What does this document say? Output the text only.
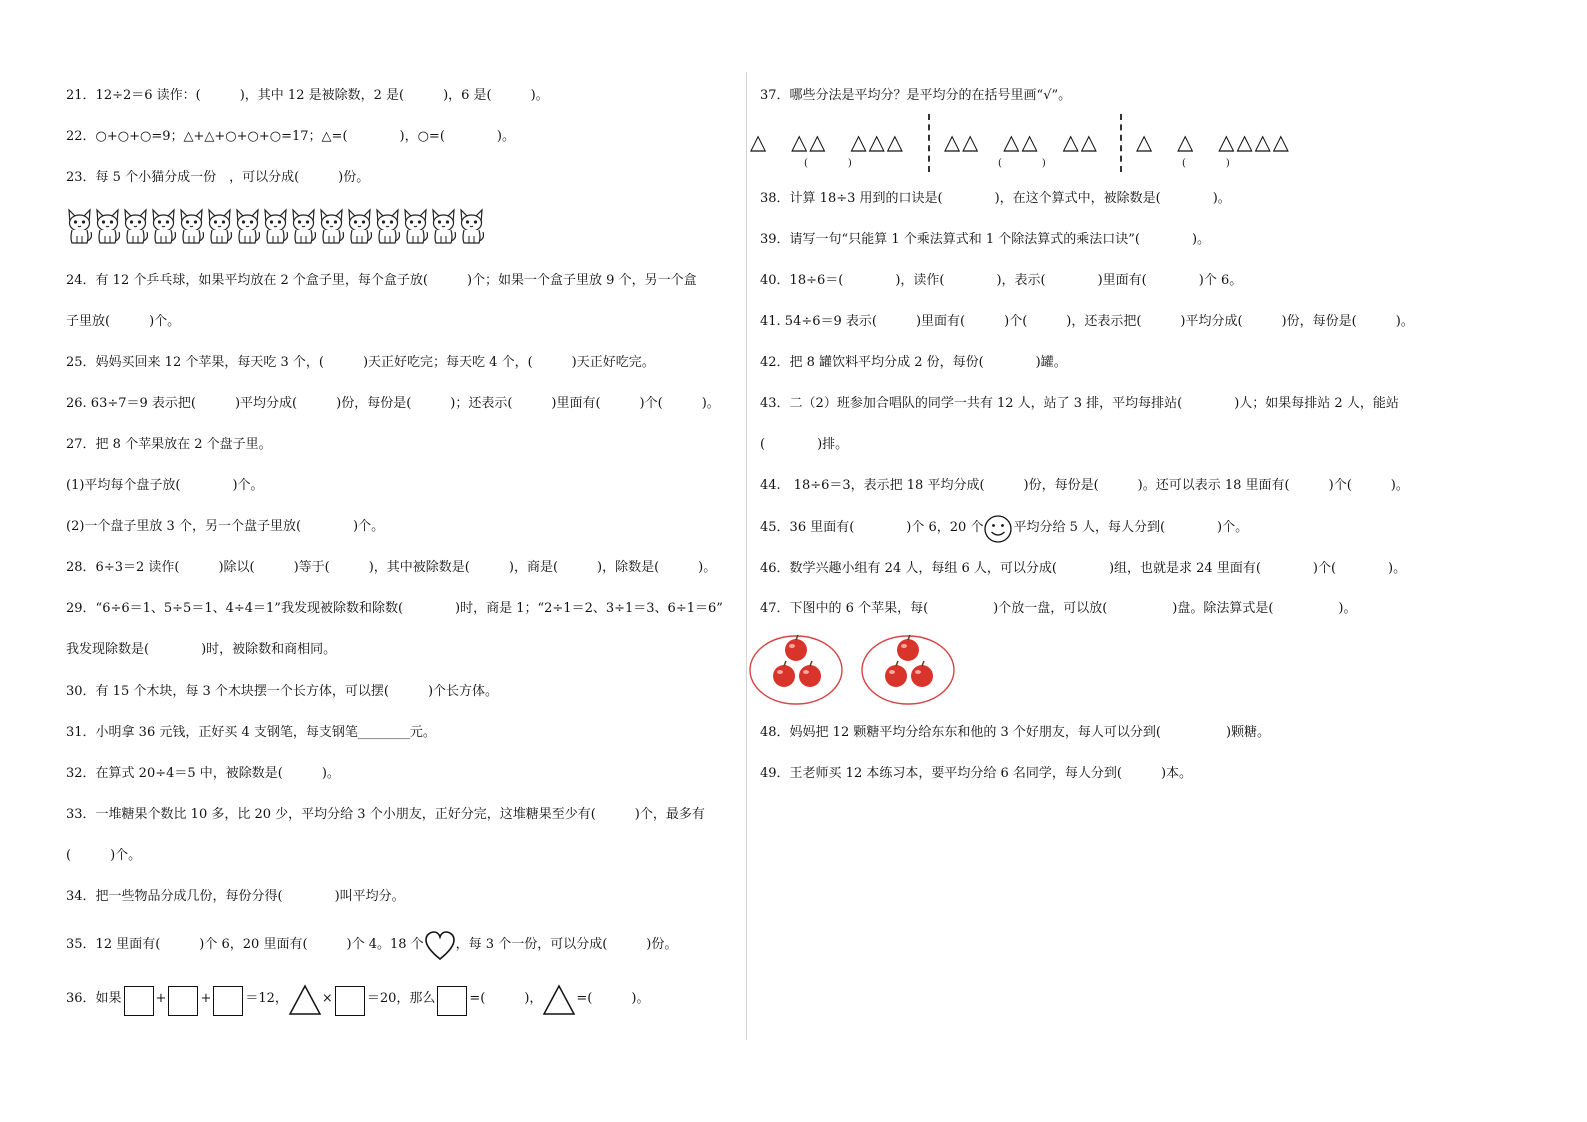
21．12÷2＝6 读作：(　　　)，其中 12 是被除数，2 是(　　　)，6 是(　　　)。
22．○+○+○=9；△+△+○+○+○=17；△=(　　　　)，○=(　　　　)。
23．每 5 个小猫分成一份　，可以分成(　　　)份。
24．有 12 个乒乓球，如果平均放在 2 个盒子里，每个盒子放(　　　)个；如果一个盒子里放 9 个，另一个盒
子里放(　　　)个。
25．妈妈买回来 12 个苹果，每天吃 3 个，(　　　)天正好吃完；每天吃 4 个，(　　　)天正好吃完。
26. 63÷7＝9 表示把(　　　)平均分成(　　　)份，每份是(　　　)；还表示(　　　)里面有(　　　)个(　　　)。
27．把 8 个苹果放在 2 个盘子里。
(1)平均每个盘子放(　　　　)个。
(2)一个盘子里放 3 个，另一个盘子里放(　　　　)个。
28．6÷3＝2 读作(　　　)除以(　　　)等于(　　　)，其中被除数是(　　　)，商是(　　　)，除数是(　　　)。
29．“6÷6＝1、5÷5＝1、4÷4＝1”我发现被除数和除数(　　　　)时，商是 1；“2÷1＝2、3÷1＝3、6÷1＝6”
我发现除数是(　　　　)时，被除数和商相同。
30．有 15 个木块，每 3 个木块摆一个长方体，可以摆(　　　)个长方体。
31．小明拿 36 元钱，正好买 4 支钢笔，每支钢笔________元。
32．在算式 20÷4＝5 中，被除数是(　　　)。
33．一堆糖果个数比 10 多，比 20 少，平均分给 3 个小朋友，正好分完，这堆糖果至少有(　　　)个，最多有
(　　　)个。
34．把一些物品分成几份，每份分得(　　　　)叫平均分。
35．12 里面有(　　　)个 6，20 里面有(　　　)个 4。18 个 ，每 3 个一份，可以分成(　　　)份。
36．如果	+	+	＝12，	×	＝20，那么	=(　　　)，	=(　　　)。
37．哪些分法是平均分？是平均分的在括号里画“√”。
△　△△　△△△
(　　　　)
△△　△△　△△
(　　　　)
△　△　△△△△
(　　　　)
38．计算 18÷3 用到的口诀是(　　　　)，在这个算式中，被除数是(　　　　)。
39．请写一句“只能算 1 个乘法算式和 1 个除法算式的乘法口诀”(　　　　)。
40．18÷6＝(　　　　)，读作(　　　　)，表示(　　　　)里面有(　　　　)个 6。
41. 54÷6＝9 表示(　　　)里面有(　　　)个(　　　)，还表示把(　　　)平均分成(　　　)份，每份是(　　　)。
42．把 8 罐饮料平均分成 2 份，每份(　　　　)罐。
43．二（2）班参加合唱队的同学一共有 12 人，站了 3 排，平均每排站(　　　　)人；如果每排站 2 人，能站
(　　　　)排。
44.　18÷6＝3，表示把 18 平均分成(　　　)份，每份是(　　　)。还可以表示 18 里面有(　　　)个(　　　)。
45．36 里面有(　　　　)个 6，20 个 平均分给 5 人，每人分到(　　　　)个。
46．数学兴趣小组有 24 人，每组 6 人，可以分成(　　　　)组，也就是求 24 里面有(　　　　)个(　　　　)。
47．下图中的 6 个苹果，每(　　　　　)个放一盘，可以放(　　　　　)盘。除法算式是(　　　　　)。
48．妈妈把 12 颗糖平均分给东东和他的 3 个好朋友，每人可以分到(　　　　　)颗糖。
49．王老师买 12 本练习本，要平均分给 6 名同学，每人分到(　　　)本。
